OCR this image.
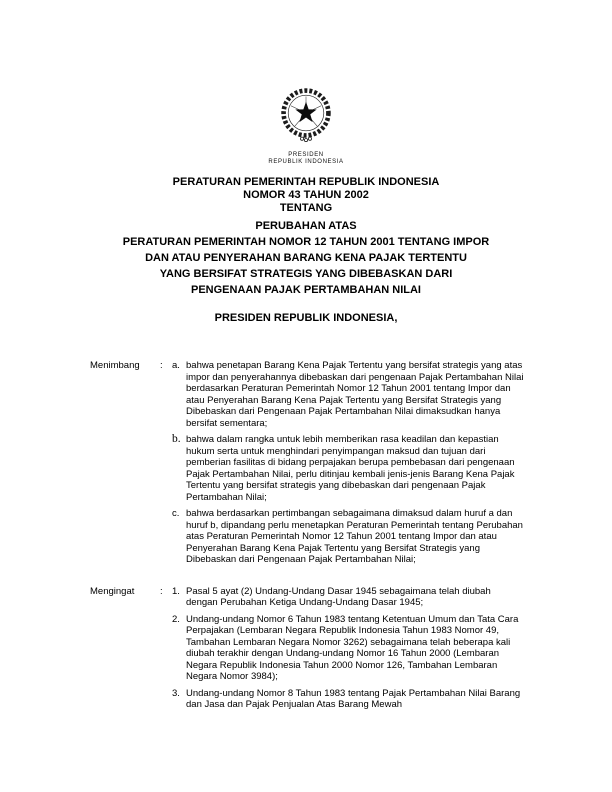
PRESIDEN
REPUBLIK INDONESIA
PERATURAN PEMERINTAH REPUBLIK INDONESIA
NOMOR 43 TAHUN 2002
TENTANG
PERUBAHAN ATAS
PERATURAN PEMERINTAH NOMOR 12 TAHUN 2001 TENTANG IMPOR
DAN ATAU PENYERAHAN BARANG KENA PAJAK TERTENTU
YANG BERSIFAT STRATEGIS YANG DIBEBASKAN DARI
PENGENAAN PAJAK PERTAMBAHAN NILAI
PRESIDEN REPUBLIK INDONESIA,
Menimbang	: a. bahwa penetapan Barang Kena Pajak Tertentu yang bersifat strategis yang atas impor dan penyerahannya dibebaskan dari pengenaan Pajak Pertambahan Nilai berdasarkan Peraturan Pemerintah Nomor 12 Tahun 2001 tentang Impor dan atau Penyerahan Barang Kena Pajak Tertentu yang Bersifat Strategis yang Dibebaskan dari Pengenaan Pajak Pertambahan Nilai dimaksudkan hanya bersifat sementara;
b. bahwa dalam rangka untuk lebih memberikan rasa keadilan dan kepastian hukum serta untuk menghindari penyimpangan maksud dan tujuan dari pemberian fasilitas di bidang perpajakan berupa pembebasan dari pengenaan Pajak Pertambahan Nilai, perlu ditinjau kembali jenis-jenis Barang Kena Pajak Tertentu yang bersifat strategis yang dibebaskan dari pengenaan Pajak Pertambahan Nilai;
c. bahwa berdasarkan pertimbangan sebagaimana dimaksud dalam huruf a dan huruf b, dipandang perlu menetapkan Peraturan Pemerintah tentang Perubahan atas Peraturan Pemerintah Nomor 12 Tahun 2001 tentang Impor dan atau Penyerahan Barang Kena Pajak Tertentu yang Bersifat Strategis yang Dibebaskan dari Pengenaan Pajak Pertambahan Nilai;
Mengingat	: 1. Pasal 5 ayat (2) Undang-Undang Dasar 1945 sebagaimana telah diubah dengan Perubahan Ketiga Undang-Undang Dasar 1945;
2. Undang-undang Nomor 6 Tahun 1983 tentang Ketentuan Umum dan Tata Cara Perpajakan (Lembaran Negara Republik Indonesia Tahun 1983 Nomor 49, Tambahan Lembaran Negara Nomor 3262) sebagaimana telah beberapa kali diubah terakhir dengan Undang-undang Nomor 16 Tahun 2000 (Lembaran Negara Republik Indonesia Tahun 2000 Nomor 126, Tambahan Lembaran Negara Nomor 3984);
3. Undang-undang Nomor 8 Tahun 1983 tentang Pajak Pertambahan Nilai Barang dan Jasa dan Pajak Penjualan Atas Barang Mewah
